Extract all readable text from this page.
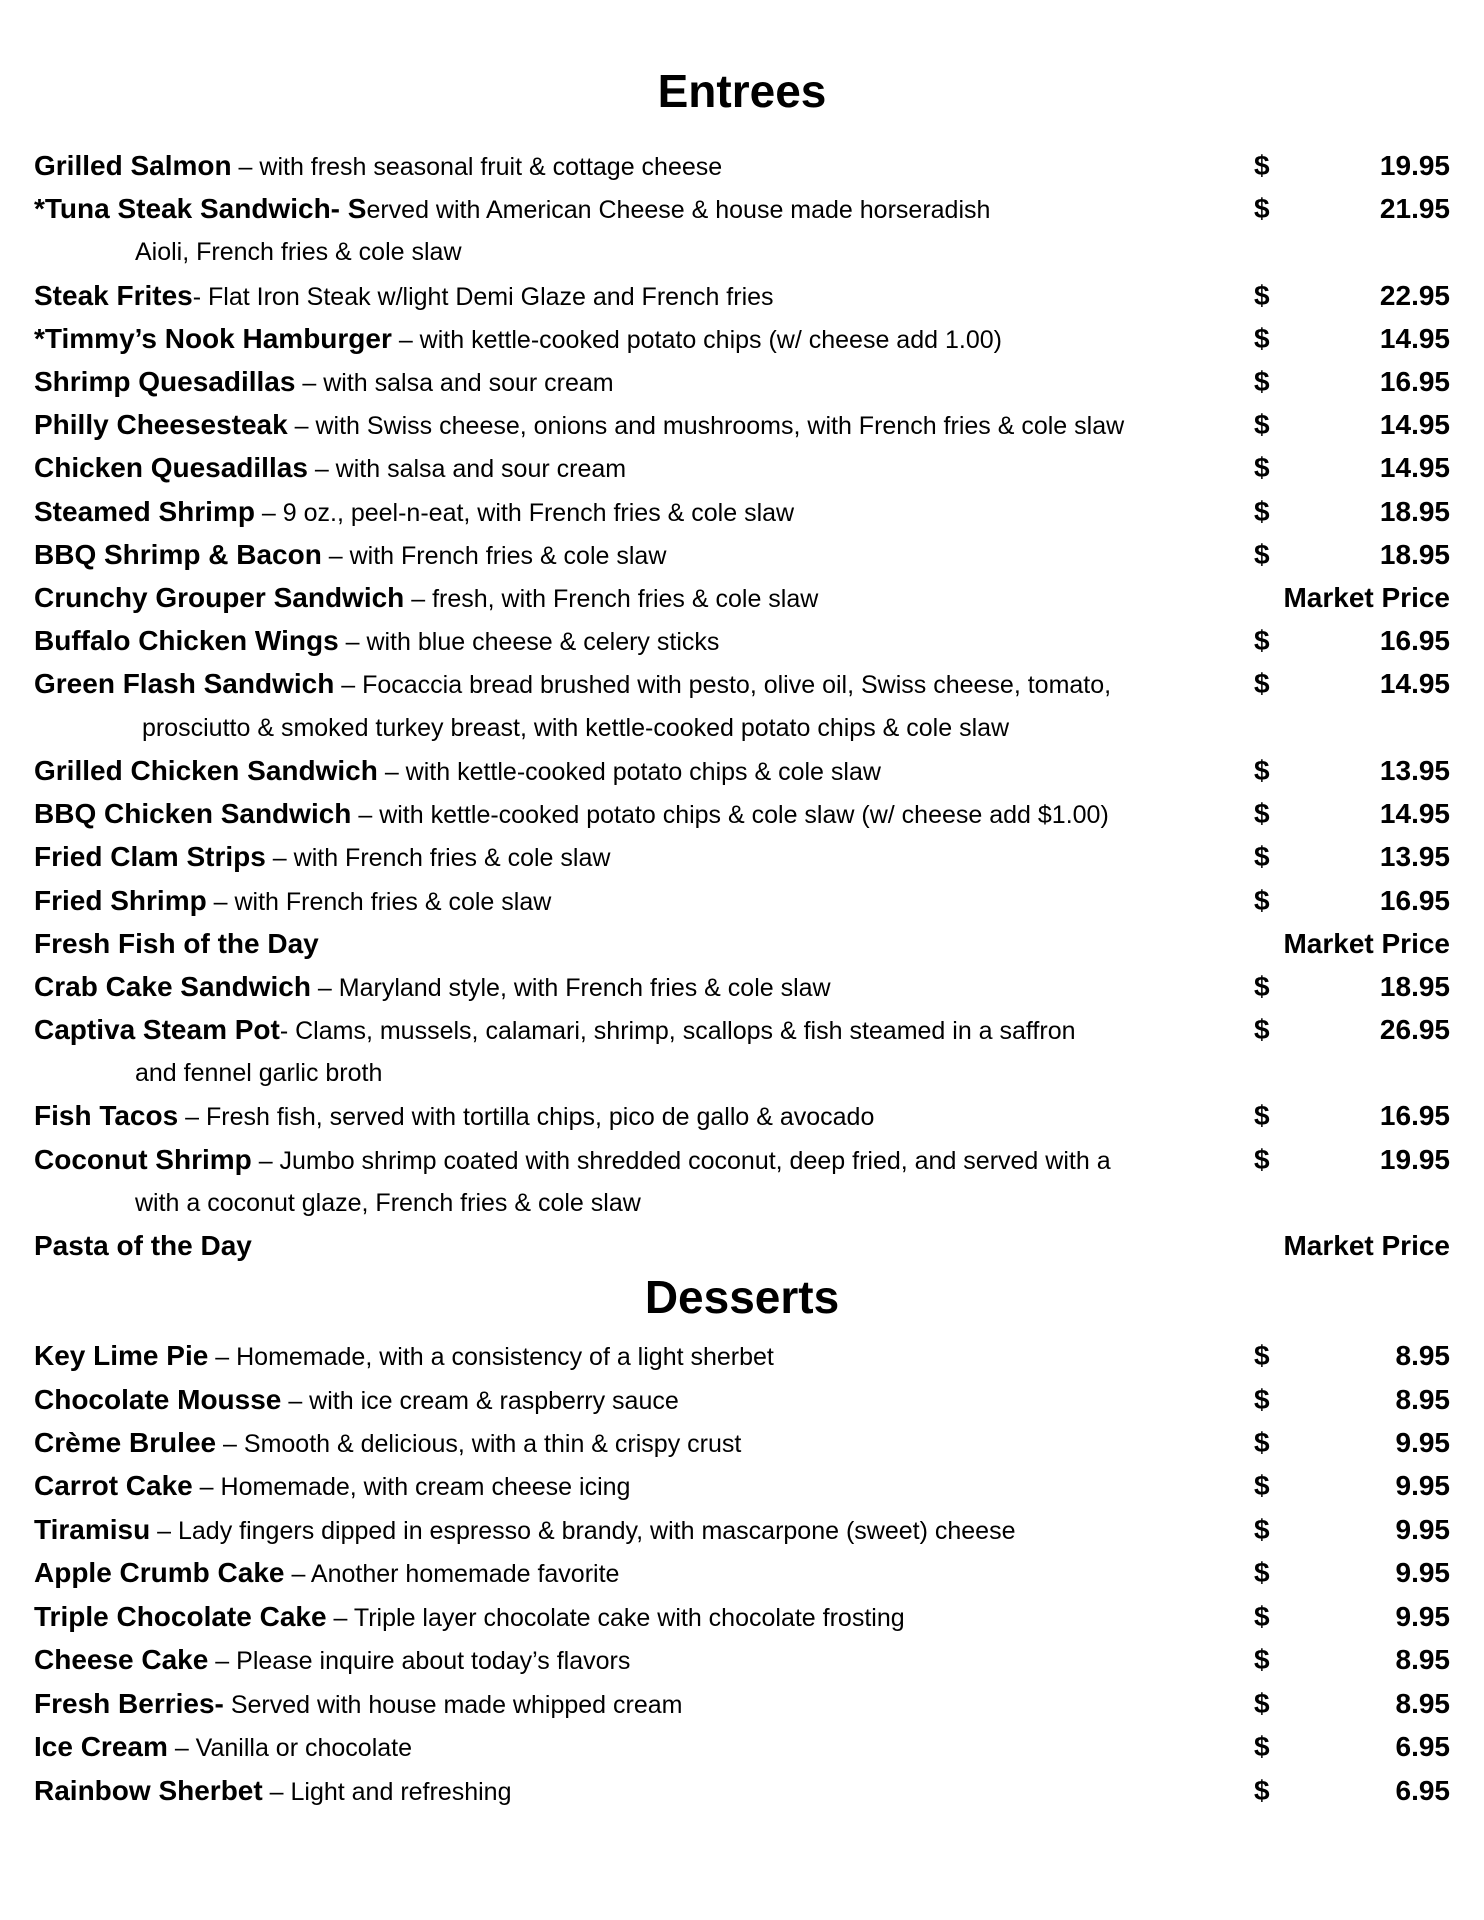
Entrees
Grilled Salmon – with fresh seasonal fruit & cottage cheese	$	19.95
*Tuna Steak Sandwich- Served with American Cheese & house made horseradish	$	21.95
Aioli, French fries & cole slaw
Steak Frites- Flat Iron Steak w/light Demi Glaze and French fries	$	22.95
*Timmy’s Nook Hamburger – with kettle-cooked potato chips (w/ cheese add 1.00)	$	14.95
Shrimp Quesadillas – with salsa and sour cream	$	16.95
Philly Cheesesteak – with Swiss cheese, onions and mushrooms, with French fries & cole slaw	$	14.95
Chicken Quesadillas – with salsa and sour cream	$	14.95
Steamed Shrimp – 9 oz., peel-n-eat, with French fries & cole slaw	$	18.95
BBQ Shrimp & Bacon – with French fries & cole slaw	$	18.95
Crunchy Grouper Sandwich – fresh, with French fries & cole slaw	Market Price
Buffalo Chicken Wings – with blue cheese & celery sticks	$	16.95
Green Flash Sandwich – Focaccia bread brushed with pesto, olive oil, Swiss cheese, tomato,	$	14.95
prosciutto & smoked turkey breast, with kettle-cooked potato chips & cole slaw
Grilled Chicken Sandwich – with kettle-cooked potato chips & cole slaw	$	13.95
BBQ Chicken Sandwich – with kettle-cooked potato chips & cole slaw (w/ cheese add $1.00)	$	14.95
Fried Clam Strips – with French fries & cole slaw	$	13.95
Fried Shrimp – with French fries & cole slaw	$	16.95
Fresh Fish of the Day	Market Price
Crab Cake Sandwich – Maryland style, with French fries & cole slaw	$	18.95
Captiva Steam Pot- Clams, mussels, calamari, shrimp, scallops & fish steamed in a saffron	$	26.95
and fennel garlic broth
Fish Tacos – Fresh fish, served with tortilla chips, pico de gallo & avocado	$	16.95
Coconut Shrimp – Jumbo shrimp coated with shredded coconut, deep fried, and served with a	$	19.95
with a coconut glaze, French fries & cole slaw
Pasta of the Day	Market Price
Desserts
Key Lime Pie – Homemade, with a consistency of a light sherbet	$	8.95
Chocolate Mousse – with ice cream & raspberry sauce	$	8.95
Crème Brulee – Smooth & delicious, with a thin & crispy crust	$	9.95
Carrot Cake – Homemade, with cream cheese icing	$	9.95
Tiramisu – Lady fingers dipped in espresso & brandy, with mascarpone (sweet) cheese	$	9.95
Apple Crumb Cake – Another homemade favorite	$	9.95
Triple Chocolate Cake – Triple layer chocolate cake with chocolate frosting	$	9.95
Cheese Cake – Please inquire about today’s flavors	$	8.95
Fresh Berries- Served with house made whipped cream	$	8.95
Ice Cream – Vanilla or chocolate	$	6.95
Rainbow Sherbet – Light and refreshing	$	6.95
